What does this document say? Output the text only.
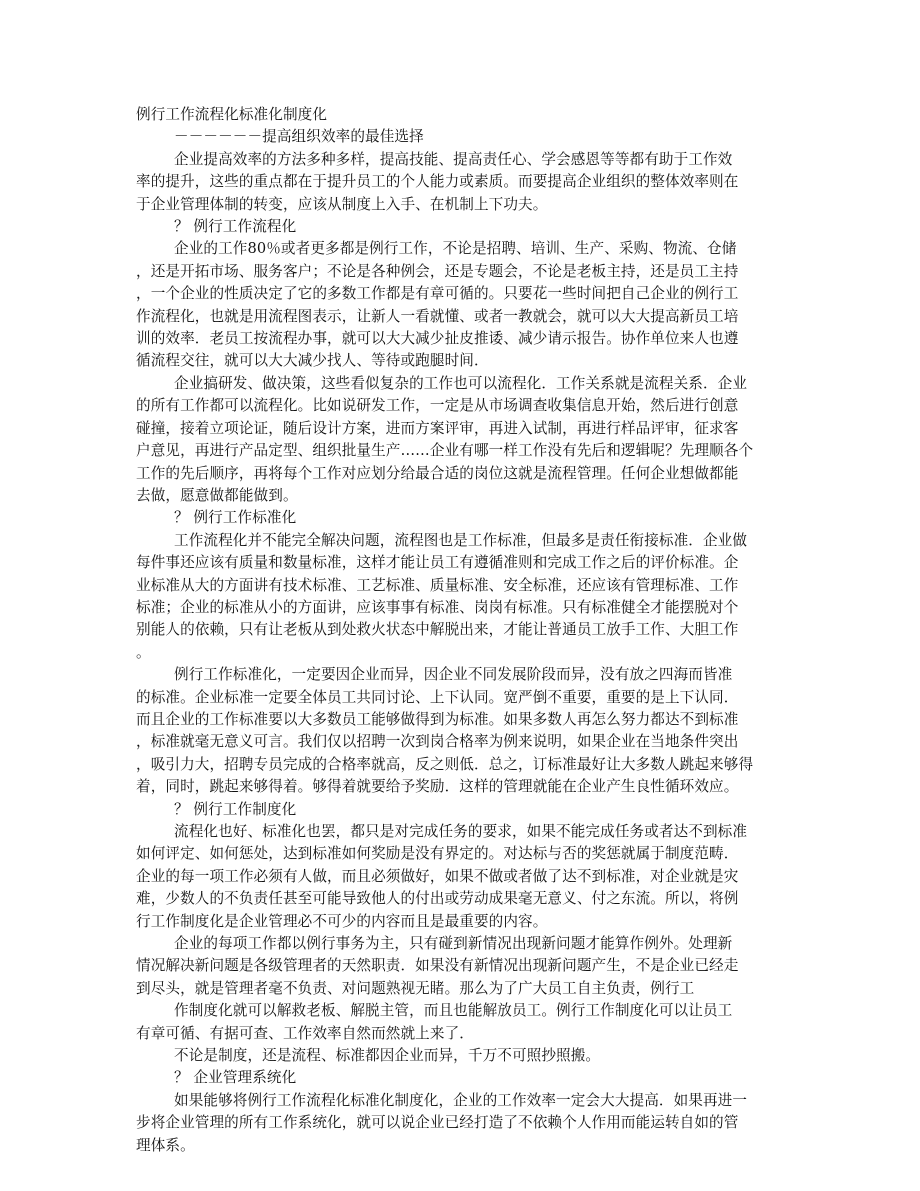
例行工作流程化标准化制度化
－－－－－－提高组织效率的最佳选择
企业提高效率的方法多种多样，提高技能、提高责任心、学会感恩等等都有助于工作效
率的提升，这些的重点都在于提升员工的个人能力或素质。而要提高企业组织的整体效率则在
于企业管理体制的转变，应该从制度上入手、在机制上下功夫。
？ 例行工作流程化
企业的工作80％或者更多都是例行工作，不论是招聘、培训、生产、采购、物流、仓储
，还是开拓市场、服务客户；不论是各种例会，还是专题会，不论是老板主持，还是员工主持
，一个企业的性质决定了它的多数工作都是有章可循的。只要花一些时间把自己企业的例行工
作流程化，也就是用流程图表示，让新人一看就懂、或者一教就会，就可以大大提高新员工培
训的效率．老员工按流程办事，就可以大大减少扯皮推诿、减少请示报告。协作单位来人也遵
循流程交往，就可以大大减少找人、等待或跑腿时间．
企业搞研发、做决策，这些看似复杂的工作也可以流程化．工作关系就是流程关系．企业
的所有工作都可以流程化。比如说研发工作，一定是从市场调查收集信息开始，然后进行创意
碰撞，接着立项论证，随后设计方案，进而方案评审，再进入试制，再进行样品评审，征求客
户意见，再进行产品定型、组织批量生产……企业有哪一样工作没有先后和逻辑呢？先理顺各个
工作的先后顺序，再将每个工作对应划分给最合适的岗位这就是流程管理。任何企业想做都能
去做，愿意做都能做到。
？ 例行工作标准化
工作流程化并不能完全解决问题，流程图也是工作标准，但最多是责任衔接标准．企业做
每件事还应该有质量和数量标准，这样才能让员工有遵循准则和完成工作之后的评价标准。企
业标准从大的方面讲有技术标准、工艺标准、质量标准、安全标准，还应该有管理标准、工作
标准；企业的标准从小的方面讲，应该事事有标准、岗岗有标准。只有标准健全才能摆脱对个
别能人的依赖，只有让老板从到处救火状态中解脱出来，才能让普通员工放手工作、大胆工作
。
例行工作标准化，一定要因企业而异，因企业不同发展阶段而异，没有放之四海而皆准
的标准。企业标准一定要全体员工共同讨论、上下认同。宽严倒不重要，重要的是上下认同．
而且企业的工作标准要以大多数员工能够做得到为标准。如果多数人再怎么努力都达不到标准
，标准就毫无意义可言。我们仅以招聘一次到岗合格率为例来说明，如果企业在当地条件突出
，吸引力大，招聘专员完成的合格率就高，反之则低．总之，订标准最好让大多数人跳起来够得
着，同时，跳起来够得着。够得着就要给予奖励．这样的管理就能在企业产生良性循环效应。
？ 例行工作制度化
流程化也好、标准化也罢，都只是对完成任务的要求，如果不能完成任务或者达不到标准
如何评定、如何惩处，达到标准如何奖励是没有界定的。对达标与否的奖惩就属于制度范畴．
企业的每一项工作必须有人做，而且必须做好，如果不做或者做了达不到标准，对企业就是灾
难，少数人的不负责任甚至可能导致他人的付出或劳动成果毫无意义、付之东流。所以，将例
行工作制度化是企业管理必不可少的内容而且是最重要的内容。
企业的每项工作都以例行事务为主，只有碰到新情况出现新问题才能算作例外。处理新
情况解决新问题是各级管理者的天然职责．如果没有新情况出现新问题产生，不是企业已经走
到尽头，就是管理者毫不负责、对问题熟视无睹。那么为了广大员工自主负责，例行工
作制度化就可以解救老板、解脱主管，而且也能解放员工。例行工作制度化可以让员工
有章可循、有据可查、工作效率自然而然就上来了．
不论是制度，还是流程、标准都因企业而异，千万不可照抄照搬。
？ 企业管理系统化
如果能够将例行工作流程化标准化制度化，企业的工作效率一定会大大提高．如果再进一
步将企业管理的所有工作系统化，就可以说企业已经打造了不依赖个人作用而能运转自如的管
理体系。
